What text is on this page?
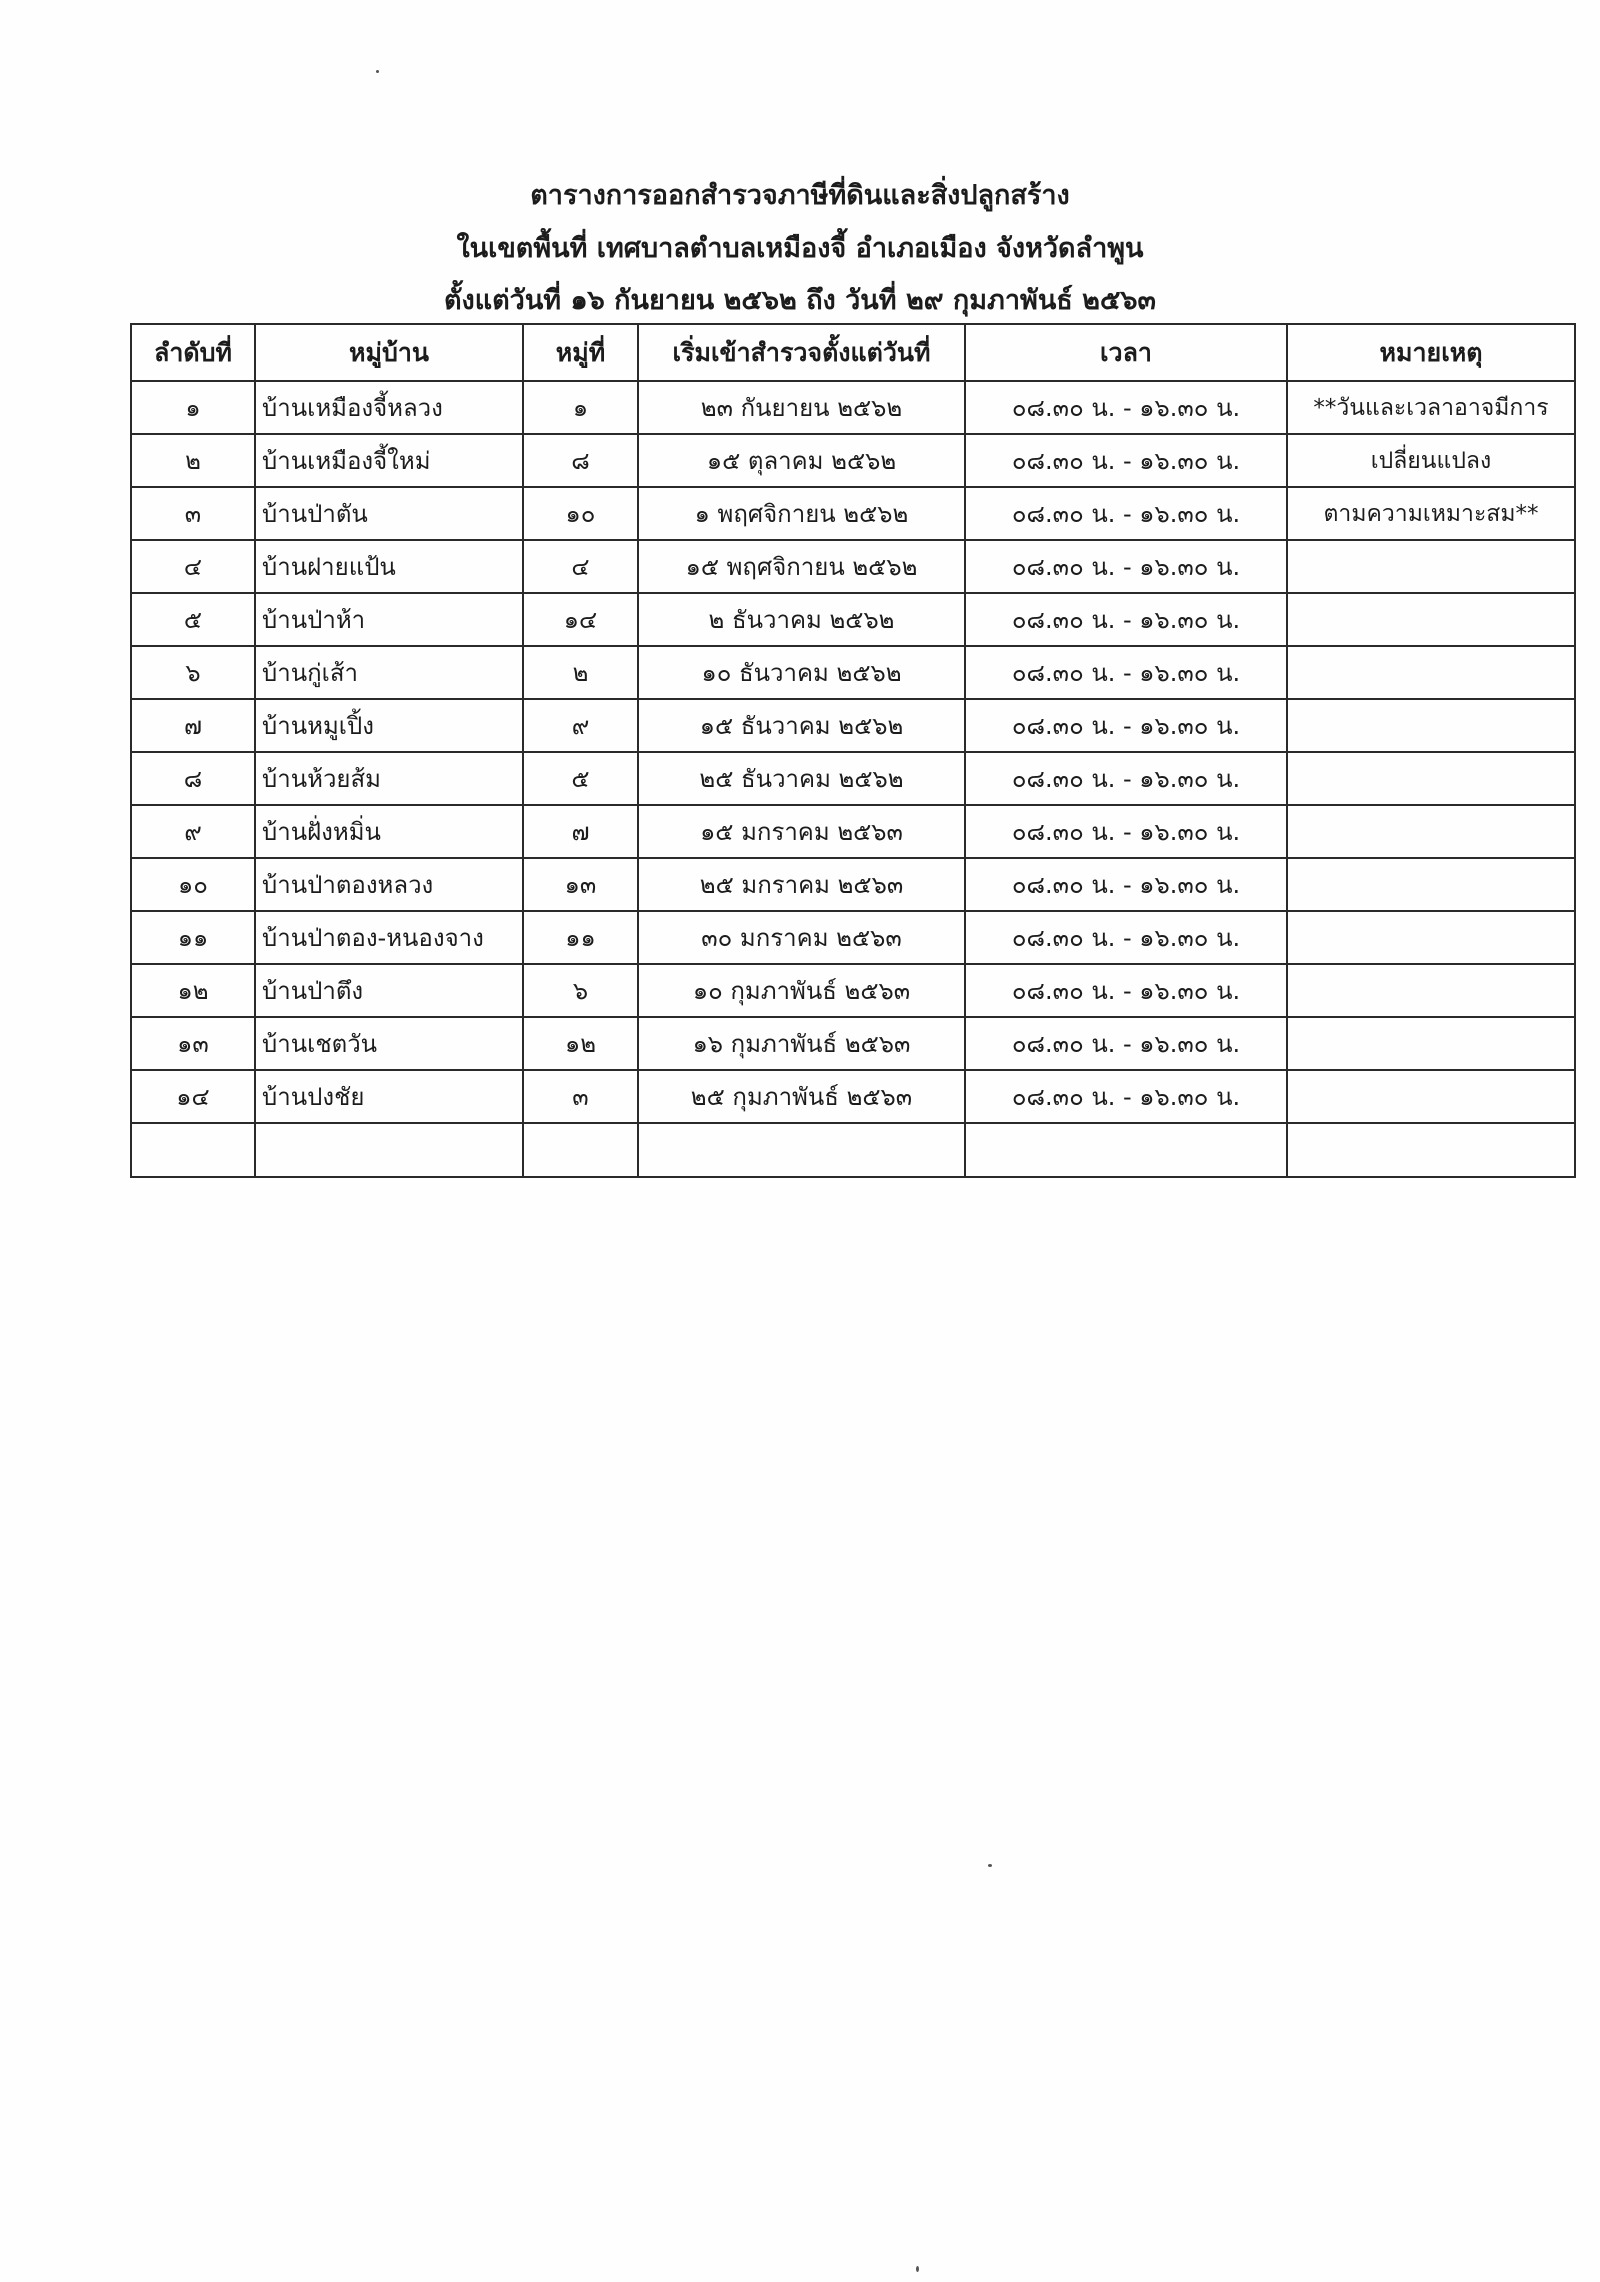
ตารางการออกสำรวจภาษีที่ดินและสิ่งปลูกสร้าง
ในเขตพื้นที่ เทศบาลตำบลเหมืองจี้ อำเภอเมือง จังหวัดลำพูน
ตั้งแต่วันที่ ๑๖ กันยายน ๒๕๖๒ ถึง วันที่ ๒๙ กุมภาพันธ์ ๒๕๖๓
ลำดับที่	หมู่บ้าน	หมู่ที่	เริ่มเข้าสำรวจตั้งแต่วันที่	เวลา	หมายเหตุ
๑	บ้านเหมืองจี้หลวง	๑	๒๓ กันยายน ๒๕๖๒	๐๘.๓๐ น. - ๑๖.๓๐ น.	**วันและเวลาอาจมีการ
๒	บ้านเหมืองจี้ใหม่	๘	๑๕ ตุลาคม ๒๕๖๒	๐๘.๓๐ น. - ๑๖.๓๐ น.	เปลี่ยนแปลง
๓	บ้านป่าตัน	๑๐	๑ พฤศจิกายน ๒๕๖๒	๐๘.๓๐ น. - ๑๖.๓๐ น.	ตามความเหมาะสม**
๔	บ้านฝายแป้น	๔	๑๕ พฤศจิกายน ๒๕๖๒	๐๘.๓๐ น. - ๑๖.๓๐ น.	
๕	บ้านป่าห้า	๑๔	๒ ธันวาคม ๒๕๖๒	๐๘.๓๐ น. - ๑๖.๓๐ น.	
๖	บ้านกู่เส้า	๒	๑๐ ธันวาคม ๒๕๖๒	๐๘.๓๐ น. - ๑๖.๓๐ น.	
๗	บ้านหมูเปิ้ง	๙	๑๕ ธันวาคม ๒๕๖๒	๐๘.๓๐ น. - ๑๖.๓๐ น.	
๘	บ้านห้วยส้ม	๕	๒๕ ธันวาคม ๒๕๖๒	๐๘.๓๐ น. - ๑๖.๓๐ น.	
๙	บ้านฝั่งหมิ่น	๗	๑๕ มกราคม ๒๕๖๓	๐๘.๓๐ น. - ๑๖.๓๐ น.	
๑๐	บ้านป่าตองหลวง	๑๓	๒๕ มกราคม ๒๕๖๓	๐๘.๓๐ น. - ๑๖.๓๐ น.	
๑๑	บ้านป่าตอง-หนองจาง	๑๑	๓๐ มกราคม ๒๕๖๓	๐๘.๓๐ น. - ๑๖.๓๐ น.	
๑๒	บ้านป่าตึง	๖	๑๐ กุมภาพันธ์ ๒๕๖๓	๐๘.๓๐ น. - ๑๖.๓๐ น.	
๑๓	บ้านเชตวัน	๑๒	๑๖ กุมภาพันธ์ ๒๕๖๓	๐๘.๓๐ น. - ๑๖.๓๐ น.	
๑๔	บ้านปงชัย	๓	๒๕ กุมภาพันธ์ ๒๕๖๓	๐๘.๓๐ น. - ๑๖.๓๐ น.	
